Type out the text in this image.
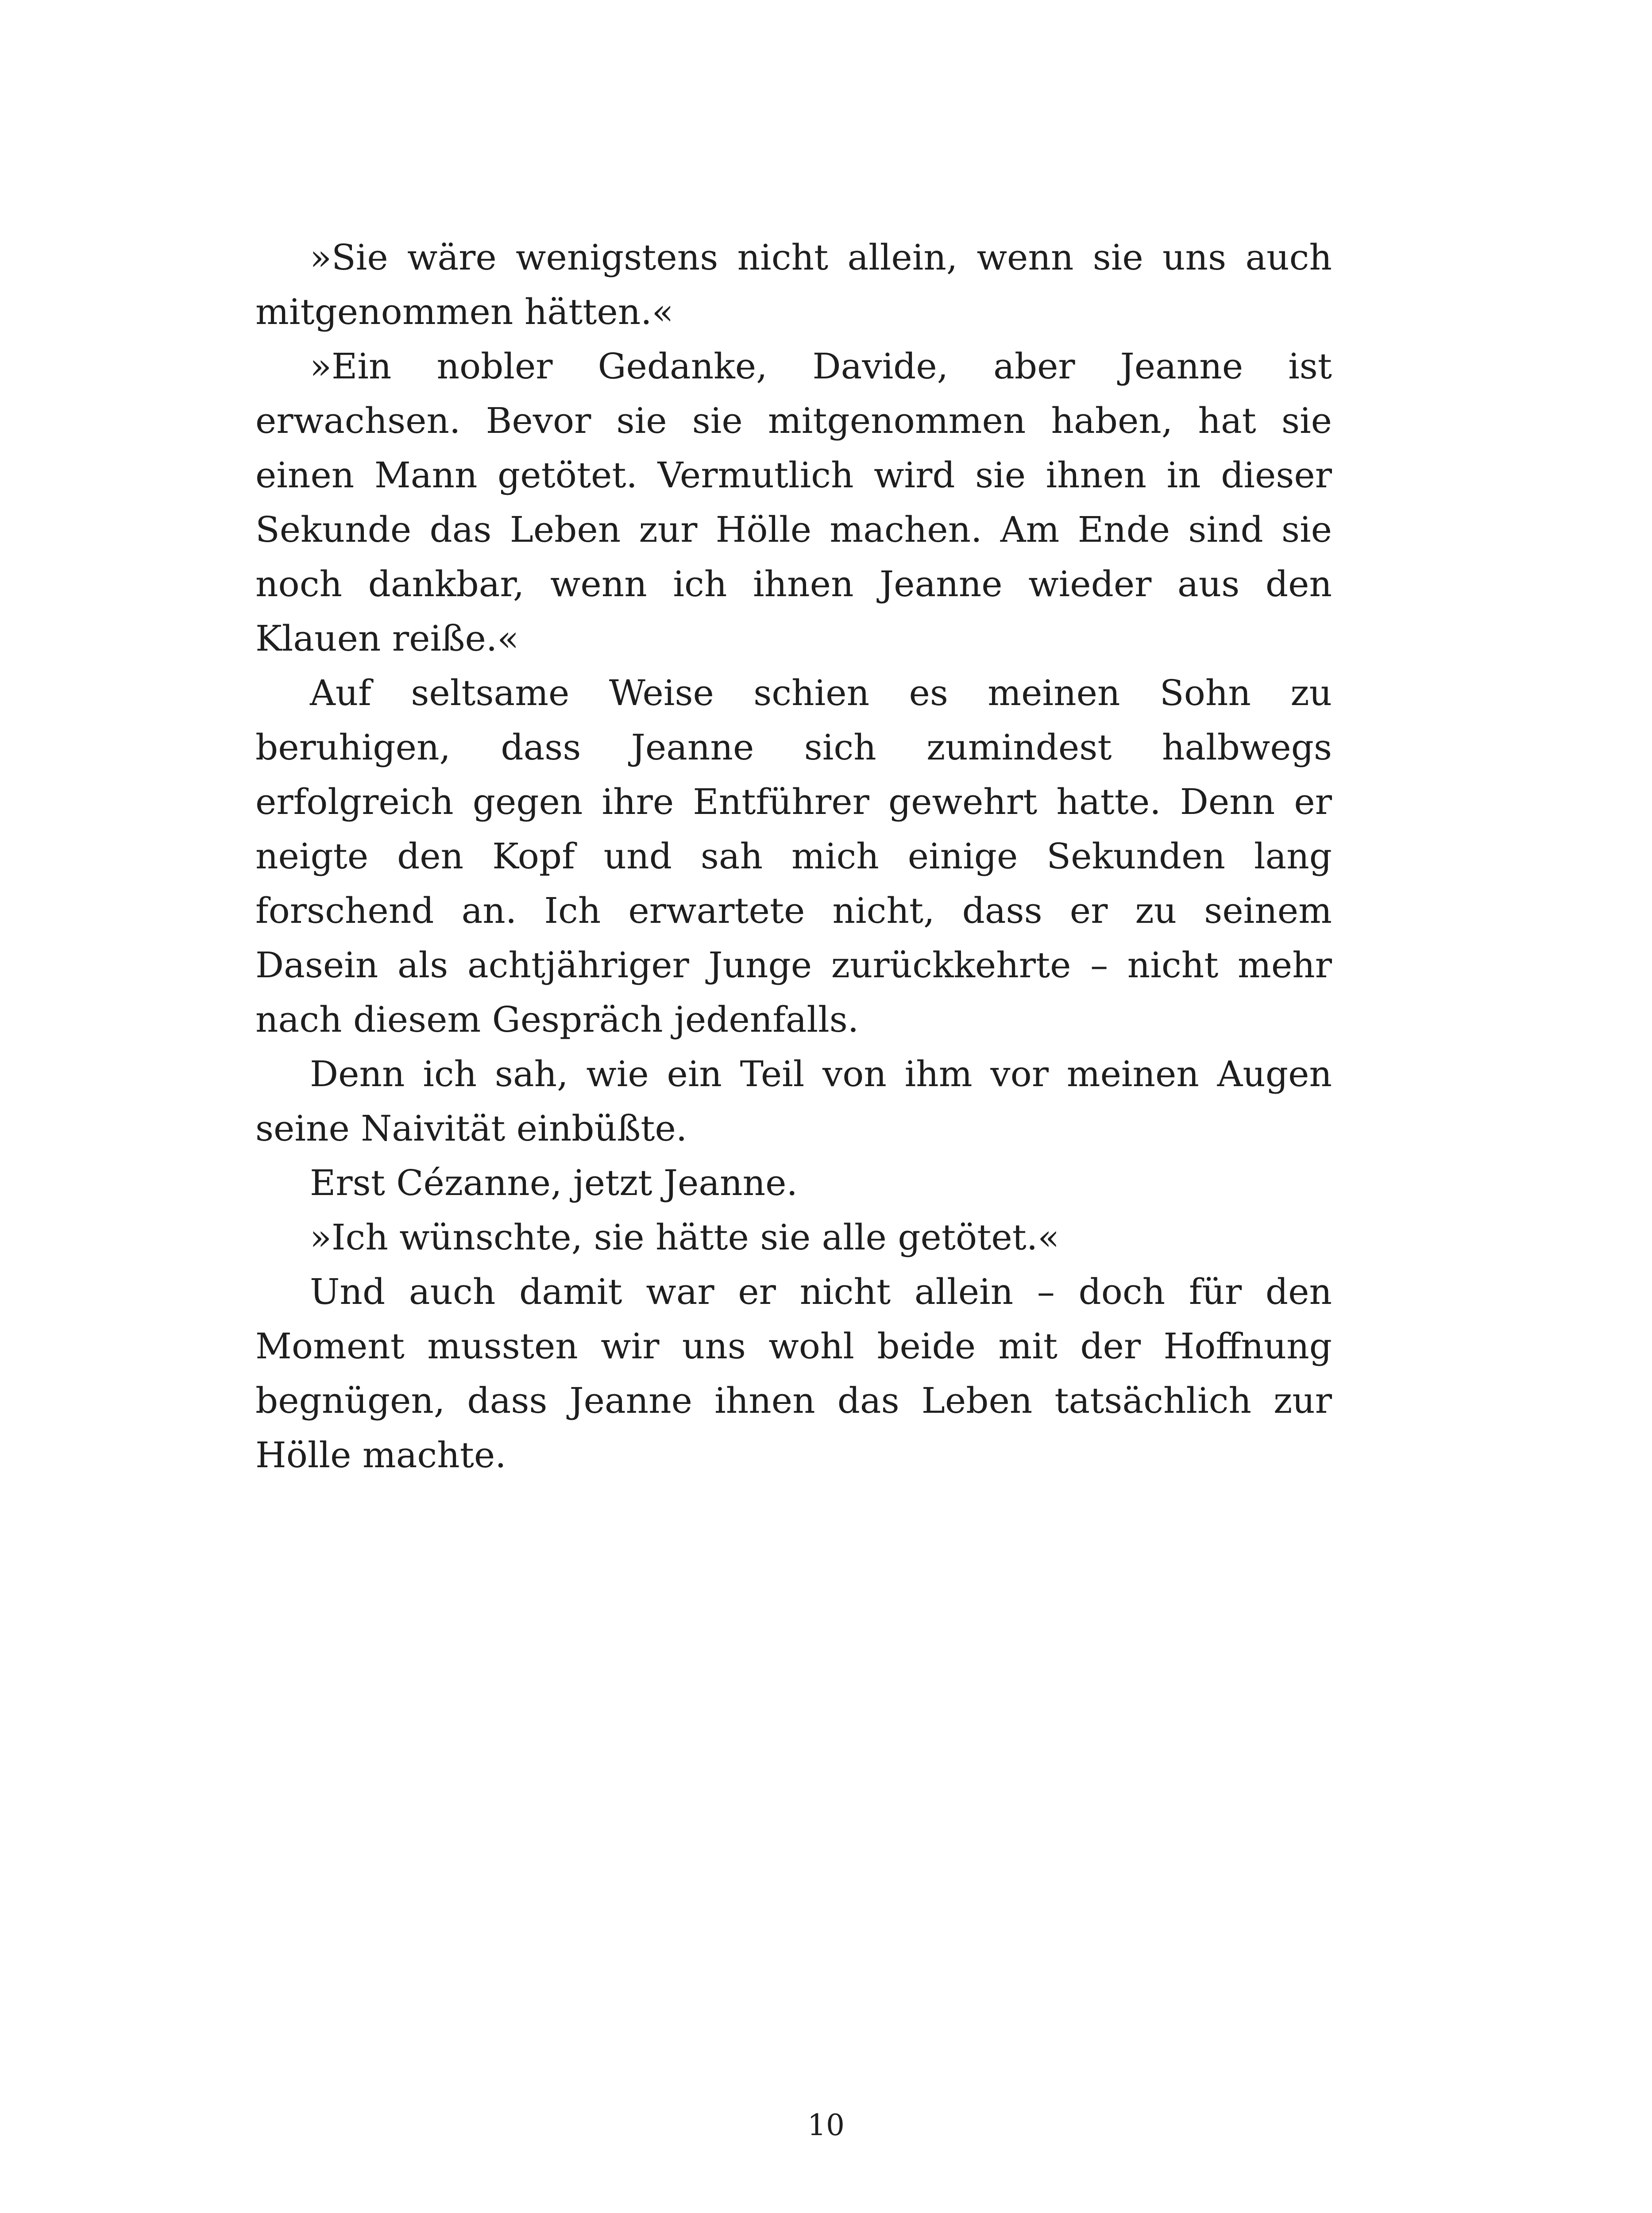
»Sie wäre wenigstens nicht allein, wenn sie uns auch mitgenommen hätten.«

»Ein nobler Gedanke, Davide, aber Jeanne ist erwachsen. Bevor sie sie mitgenommen haben, hat sie einen Mann getötet. Vermutlich wird sie ihnen in dieser Sekunde das Leben zur Hölle machen. Am Ende sind sie noch dankbar, wenn ich ihnen Jeanne wieder aus den Klauen reiße.«

Auf seltsame Weise schien es meinen Sohn zu beruhigen, dass Jeanne sich zumindest halbwegs erfolgreich gegen ihre Entführer gewehrt hatte. Denn er neigte den Kopf und sah mich einige Sekunden lang forschend an. Ich erwartete nicht, dass er zu seinem Dasein als achtjähriger Junge zurückkehrte – nicht mehr nach diesem Gespräch jedenfalls.

Denn ich sah, wie ein Teil von ihm vor meinen Augen seine Naivität einbüßte.

Erst Cézanne, jetzt Jeanne.

»Ich wünschte, sie hätte sie alle getötet.«

Und auch damit war er nicht allein – doch für den Moment mussten wir uns wohl beide mit der Hoffnung begnügen, dass Jeanne ihnen das Leben tatsächlich zur Hölle machte.

10
